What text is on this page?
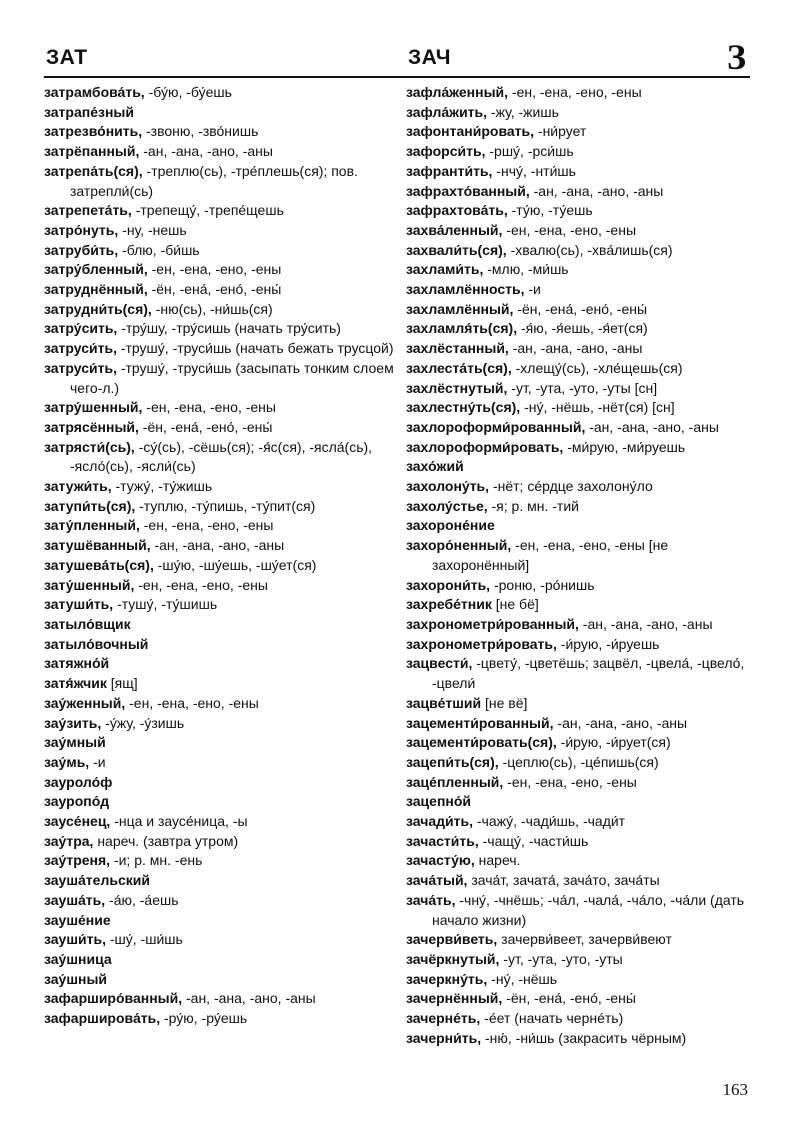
ЗАТ	ЗАЧ	З
затрамбова́ть, -бу́ю, -бу́ешь
затрапе́зный
затрезво́нить, -звоню, -зво́нишь
затрёпанный, -ан, -ана, -ано, -аны
затрепа́ть(ся), -треплю(сь), -тре́плешь(ся); пов. затрепли́(сь)
затрепета́ть, -трепещу́, -трепе́щешь
затро́нуть, -ну, -нешь
затруби́ть, -блю, -би́шь
затру́бленный, -ен, -ена, -ено, -ены
затруднённый, -ён, -ена́, -ено́, -ены́
затрудни́ть(ся), -ню(сь), -ни́шь(ся)
затру́сить, -тру́шу, -тру́сишь (начать тру́сить)
затруси́ть, -трушу́, -труси́шь (начать бежать трусцой)
затруси́ть, -трушу́, -труси́шь (засыпать тонким слоем чего-л.)
затру́шенный, -ен, -ена, -ено, -ены
затрясённый, -ён, -ена́, -ено́, -ены́
затрясти́(сь), -су́(сь), -сёшь(ся); -я́с(ся), -ясла́(сь), -ясло́(сь), -ясли́(сь)
затужи́ть, -тужу́, -ту́жишь
затупи́ть(ся), -туплю, -ту́пишь, -ту́пит(ся)
зату́пленный, -ен, -ена, -ено, -ены
затушёванный, -ан, -ана, -ано, -аны
затушева́ть(ся), -шу́ю, -шу́ешь, -шу́ет(ся)
зату́шенный, -ен, -ена, -ено, -ены
затуши́ть, -тушу́, -ту́шишь
затыло́вщик
затыло́вочный
затяжно́й
затя́жчик [ящ]
зау́женный, -ен, -ена, -ено, -ены
зау́зить, -у́жу, -у́зишь
зау́мный
зау́мь, -и
зауроло́ф
зауропо́д
заусе́нец, -нца и заусе́ница, -ы
зау́тра, нареч. (завтра утром)
зау́треня, -и; р. мн. -ень
зауша́тельский
зауша́ть, -а́ю, -а́ешь
зауше́ние
зауши́ть, -шу́, -ши́шь
зау́шница
зау́шный
зафарширо́ванный, -ан, -ана, -ано, -аны
зафарширова́ть, -ру́ю, -ру́ешь
зафла́женный, -ен, -ена, -ено, -ены
зафла́жить, -жу, -жишь
зафонтани́ровать, -ни́рует
зафорси́ть, -ршу́, -рси́шь
зафранти́ть, -нчу́, -нти́шь
зафрахто́ванный, -ан, -ана, -ано, -аны
зафрахтова́ть, -ту́ю, -ту́ешь
захва́ленный, -ен, -ена, -ено, -ены
захвали́ть(ся), -хвалю(сь), -хва́лишь(ся)
захлами́ть, -млю, -ми́шь
захламлённость, -и
захламлённый, -ён, -ена́, -ено́, -ены́
захламля́ть(ся), -я́ю, -я́ешь, -я́ет(ся)
захлёстанный, -ан, -ана, -ано, -аны
захлеста́ть(ся), -хлещу́(сь), -хле́щешь(ся)
захлёстнутый, -ут, -ута, -уто, -уты [сн]
захлестну́ть(ся), -ну́, -нёшь, -нёт(ся) [сн]
захлороформи́рованный, -ан, -ана, -ано, -аны
захлороформи́ровать, -ми́рую, -ми́руешь
захо́жий
захолону́ть, -нёт; сéрдце захолону́ло
захолу́стье, -я; р. мн. -тий
захороне́ние
захоро́ненный, -ен, -ена, -ено, -ены [не захоронённый]
захорони́ть, -роню, -ро́нишь
захребе́тник [не бё]
захронометри́рованный, -ан, -ана, -ано, -аны
захронометри́ровать, -и́рую, -и́руешь
зацвести́, -цвету́, -цветёшь; зацвёл, -цвела́, -цвело́, -цвели́
зацве́тший [не вё]
зацементи́рованный, -ан, -ана, -ано, -аны
зацементи́ровать(ся), -и́рую, -и́рует(ся)
зацепи́ть(ся), -цеплю(сь), -це́пишь(ся)
заце́пленный, -ен, -ена, -ено, -ены
зацепно́й
зачади́ть, -чажу́, -чади́шь, -чади́т
зачасти́ть, -чащу́, -части́шь
зачасту́ю, нареч.
зача́тый, зача́т, зачата́, зача́то, зача́ты
зача́ть, -чну́, -чнёшь; -ча́л, -чала́, -ча́ло, -ча́ли (дать начало жизни)
зачерви́веть, зачерви́веет, зачерви́веют
зачёркнутый, -ут, -ута, -уто, -уты
зачеркну́ть, -ну́, -нёшь
зачернённый, -ён, -ена́, -ено́, -ены́
зачерне́ть, -е́ет (начать чернéть)
зачерни́ть, -ню́, -ни́шь (закрасить чёрным)
163
